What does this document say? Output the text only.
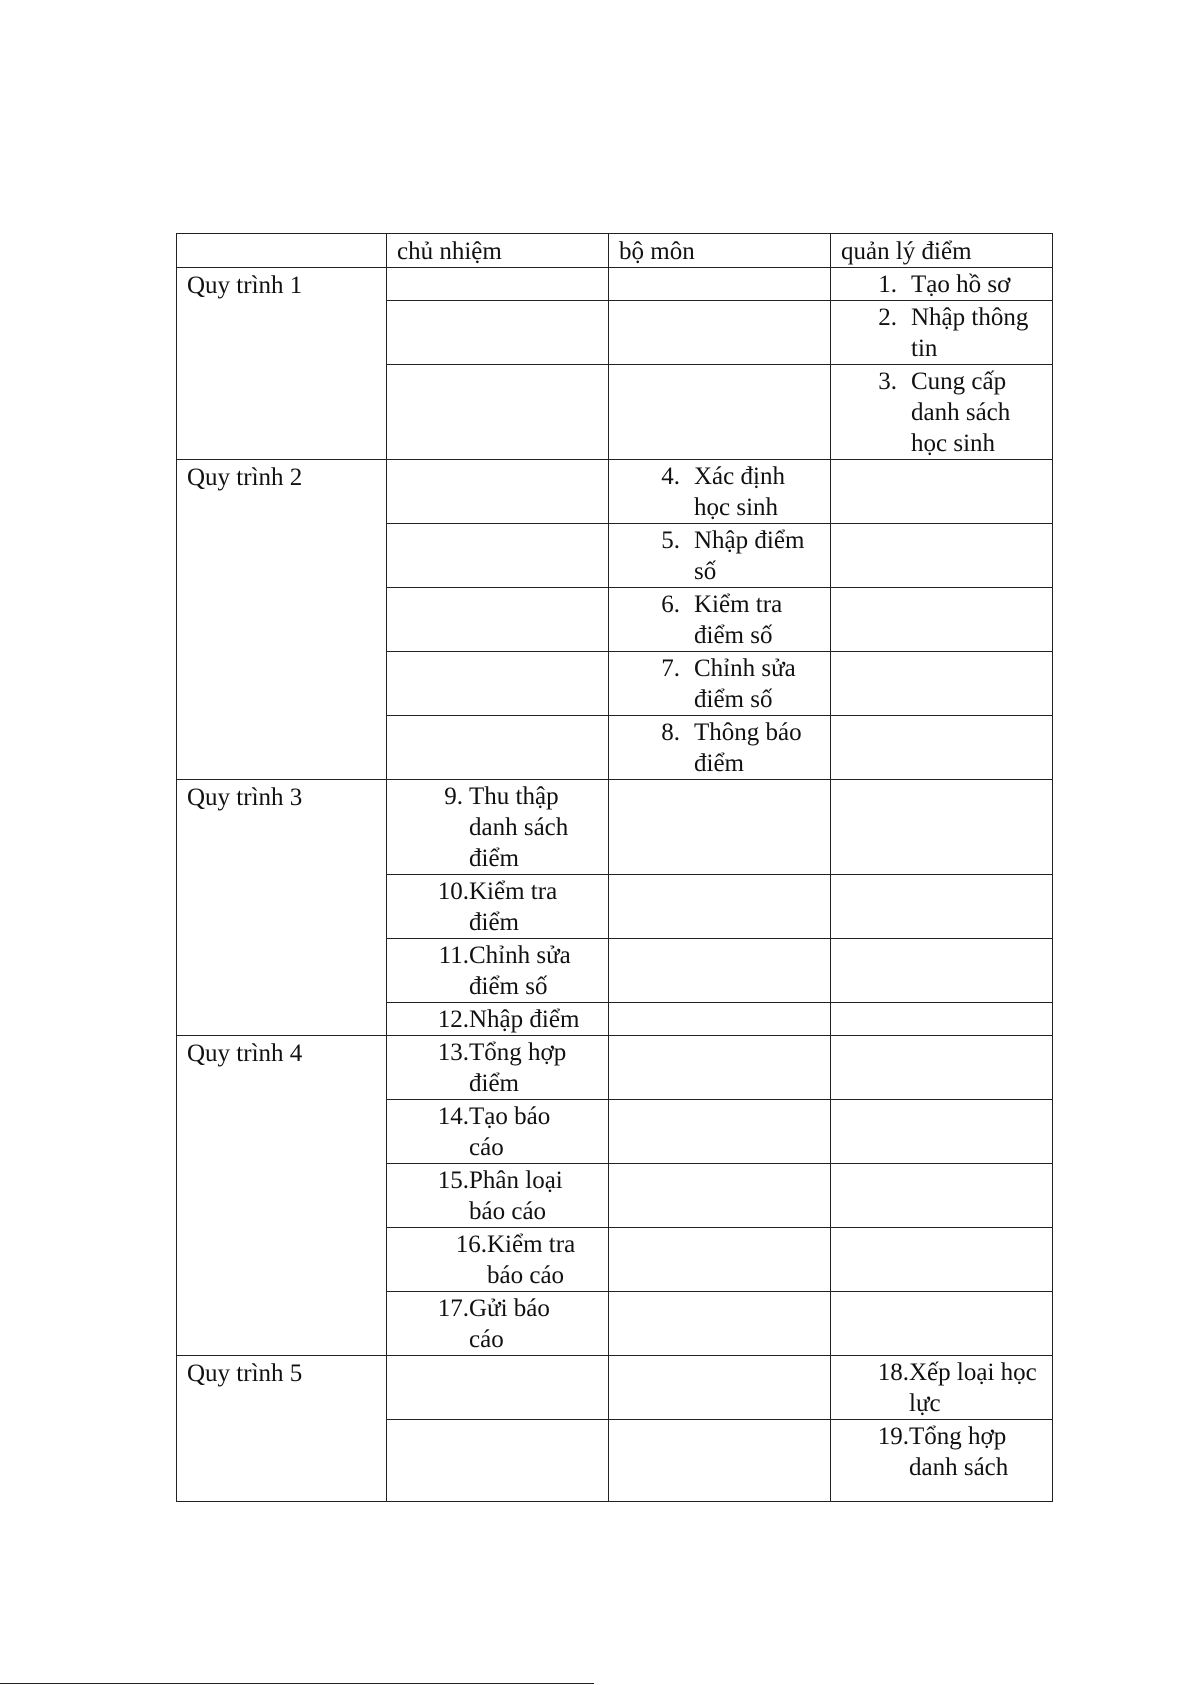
	chủ nhiệm	bộ môn	quản lý điểm

Quy trình 1			1. Tạo hồ sơ

			2. Nhập thông tin

			3. Cung cấp danh sách học sinh

Quy trình 2		4. Xác định học sinh	

		5. Nhập điểm số	

		6. Kiểm tra điểm số	

		7. Chỉnh sửa điểm số	

		8. Thông báo điểm	

Quy trình 3	9. Thu thập danh sách điểm		

	10. Kiểm tra điểm		

	11. Chỉnh sửa điểm số		

	12. Nhập điểm		

Quy trình 4	13. Tổng hợp điểm		

	14. Tạo báo cáo		

	15. Phân loại báo cáo		

	16. Kiểm tra báo cáo		

	17. Gửi báo cáo		

Quy trình 5			18. Xếp loại học lực

			19. Tổng hợp danh sách
